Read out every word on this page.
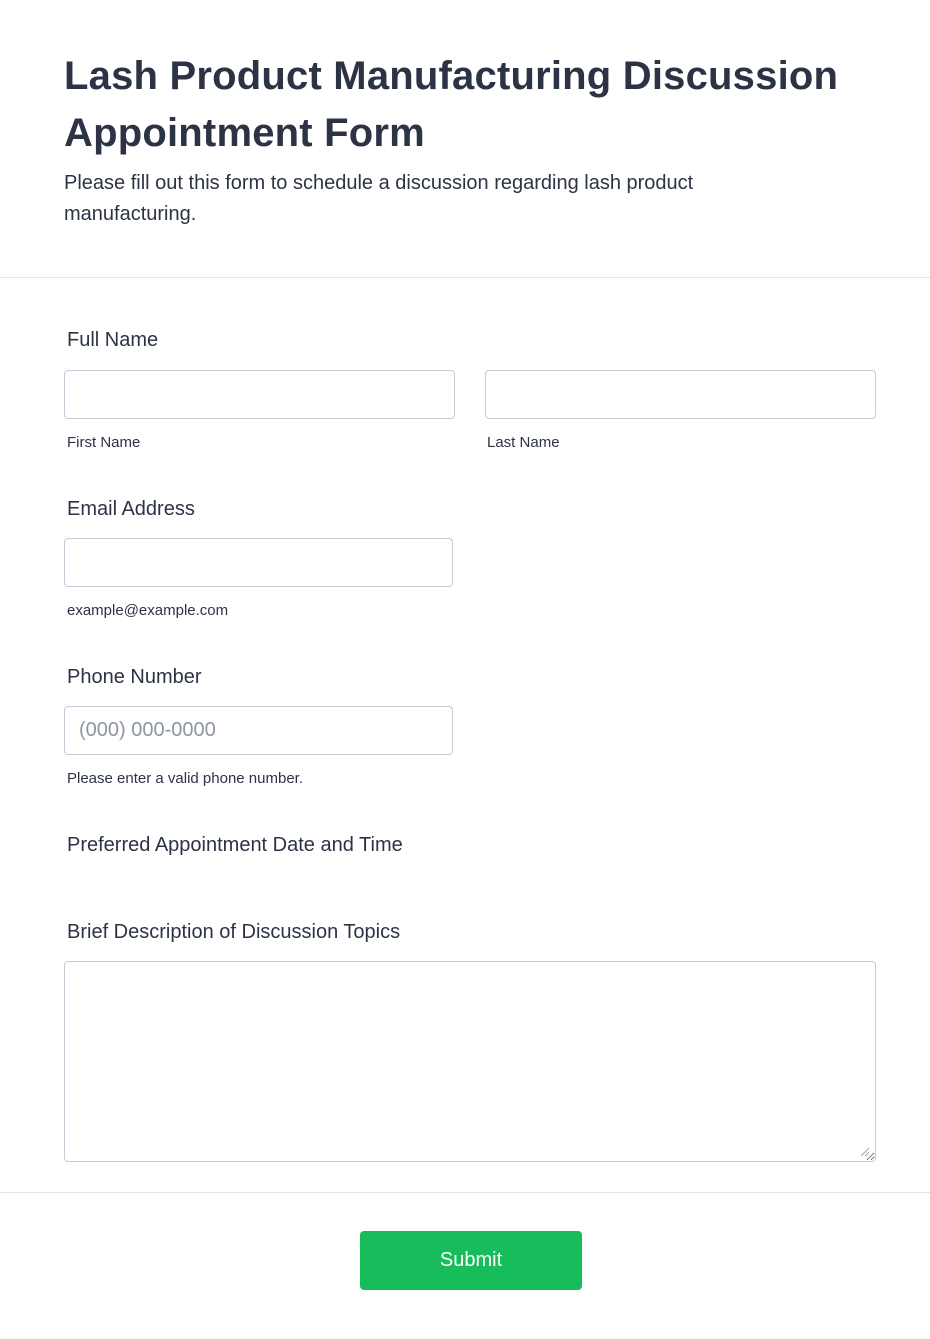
Lash Product Manufacturing Discussion Appointment Form

Please fill out this form to schedule a discussion regarding lash product manufacturing.

Full Name
First Name	Last Name
Email Address
example@example.com
Phone Number
(000) 000-0000
Please enter a valid phone number.
Preferred Appointment Date and Time
Brief Description of Discussion Topics
Submit
